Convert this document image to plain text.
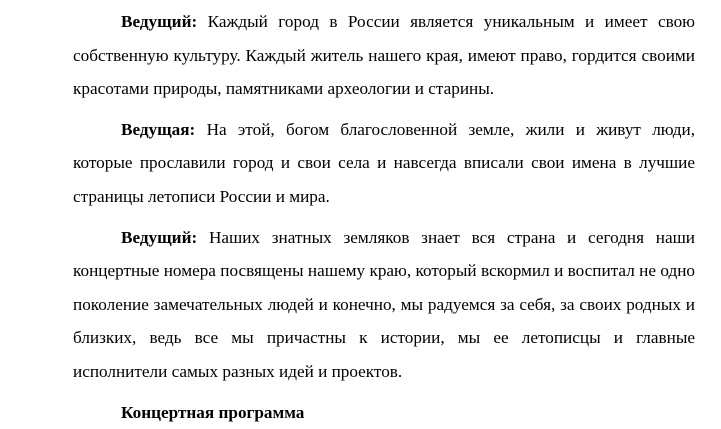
Ведущий: Каждый город в России является уникальным и имеет свою собственную культуру. Каждый житель нашего края, имеют право, гордится своими красотами природы, памятниками археологии и старины.

Ведущая: На этой, богом благословенной земле, жили и живут люди, которые прославили город и свои села и навсегда вписали свои имена в лучшие страницы летописи России и мира.

Ведущий: Наших знатных земляков знает вся страна и сегодня наши концертные номера посвящены нашему краю, который вскормил и воспитал не одно поколение замечательных людей и конечно, мы радуемся за себя, за своих родных и близких, ведь все мы причастны к истории, мы ее летописцы и главные исполнители самых разных идей и проектов.

Концертная программа
